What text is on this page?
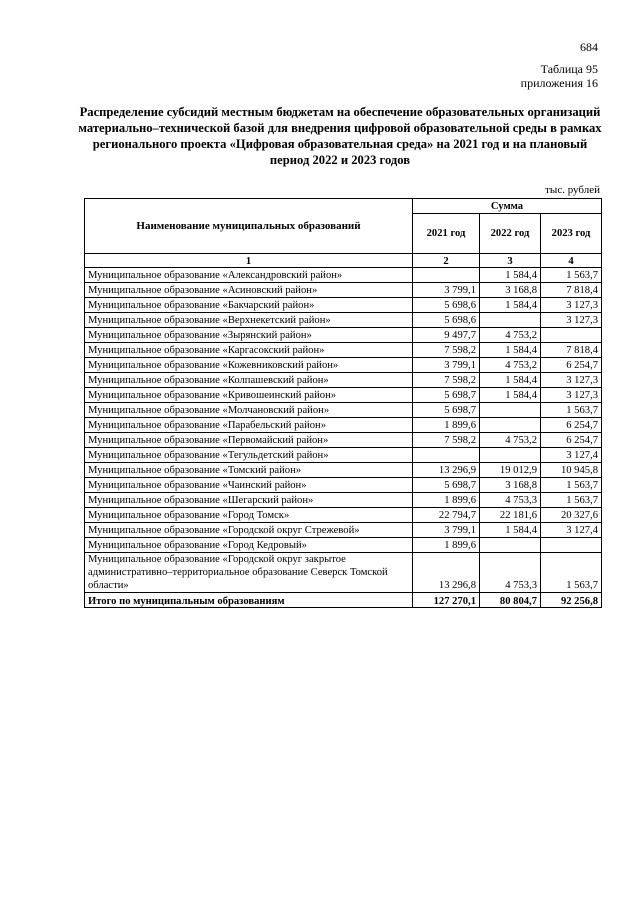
684
Таблица 95
приложения 16

Распределение субсидий местным бюджетам на обеспечение образовательных организаций материально–технической базой для внедрения цифровой образовательной среды в рамках регионального проекта «Цифровая образовательная среда» на 2021 год и на плановый период 2022 и 2023 годов

тыс. рублей
Наименование муниципальных образований	Сумма		
	2021 год	2022 год	2023 год
1	2	3	4
Муниципальное образование «Александровский район»		1 584,4	1 563,7
Муниципальное образование «Асиновский район»	3 799,1	3 168,8	7 818,4
Муниципальное образование «Бакчарский район»	5 698,6	1 584,4	3 127,3
Муниципальное образование «Верхнекетский район»	5 698,6		3 127,3
Муниципальное образование «Зырянский район»	9 497,7	4 753,2	
Муниципальное образование «Каргасокский район»	7 598,2	1 584,4	7 818,4
Муниципальное образование «Кожевниковский район»	3 799,1	4 753,2	6 254,7
Муниципальное образование «Колпашевский район»	7 598,2	1 584,4	3 127,3
Муниципальное образование «Кривошеинский район»	5 698,7	1 584,4	3 127,3
Муниципальное образование «Молчановский район»	5 698,7		1 563,7
Муниципальное образование «Парабельский район»	1 899,6		6 254,7
Муниципальное образование «Первомайский район»	7 598,2	4 753,2	6 254,7
Муниципальное образование «Тегульдетский район»			3 127,4
Муниципальное образование «Томский район»	13 296,9	19 012,9	10 945,8
Муниципальное образование «Чаинский район»	5 698,7	3 168,8	1 563,7
Муниципальное образование «Шегарский район»	1 899,6	4 753,3	1 563,7
Муниципальное образование «Город Томск»	22 794,7	22 181,6	20 327,6
Муниципальное образование «Городской округ Стрежевой»	3 799,1	1 584,4	3 127,4
Муниципальное образование «Город Кедровый»	1 899,6		
Муниципальное образование «Городской округ закрытое административно–территориальное образование Северск Томской области»	13 296,8	4 753,3	1 563,7
Итого по муниципальным образованиям	127 270,1	80 804,7	92 256,8
